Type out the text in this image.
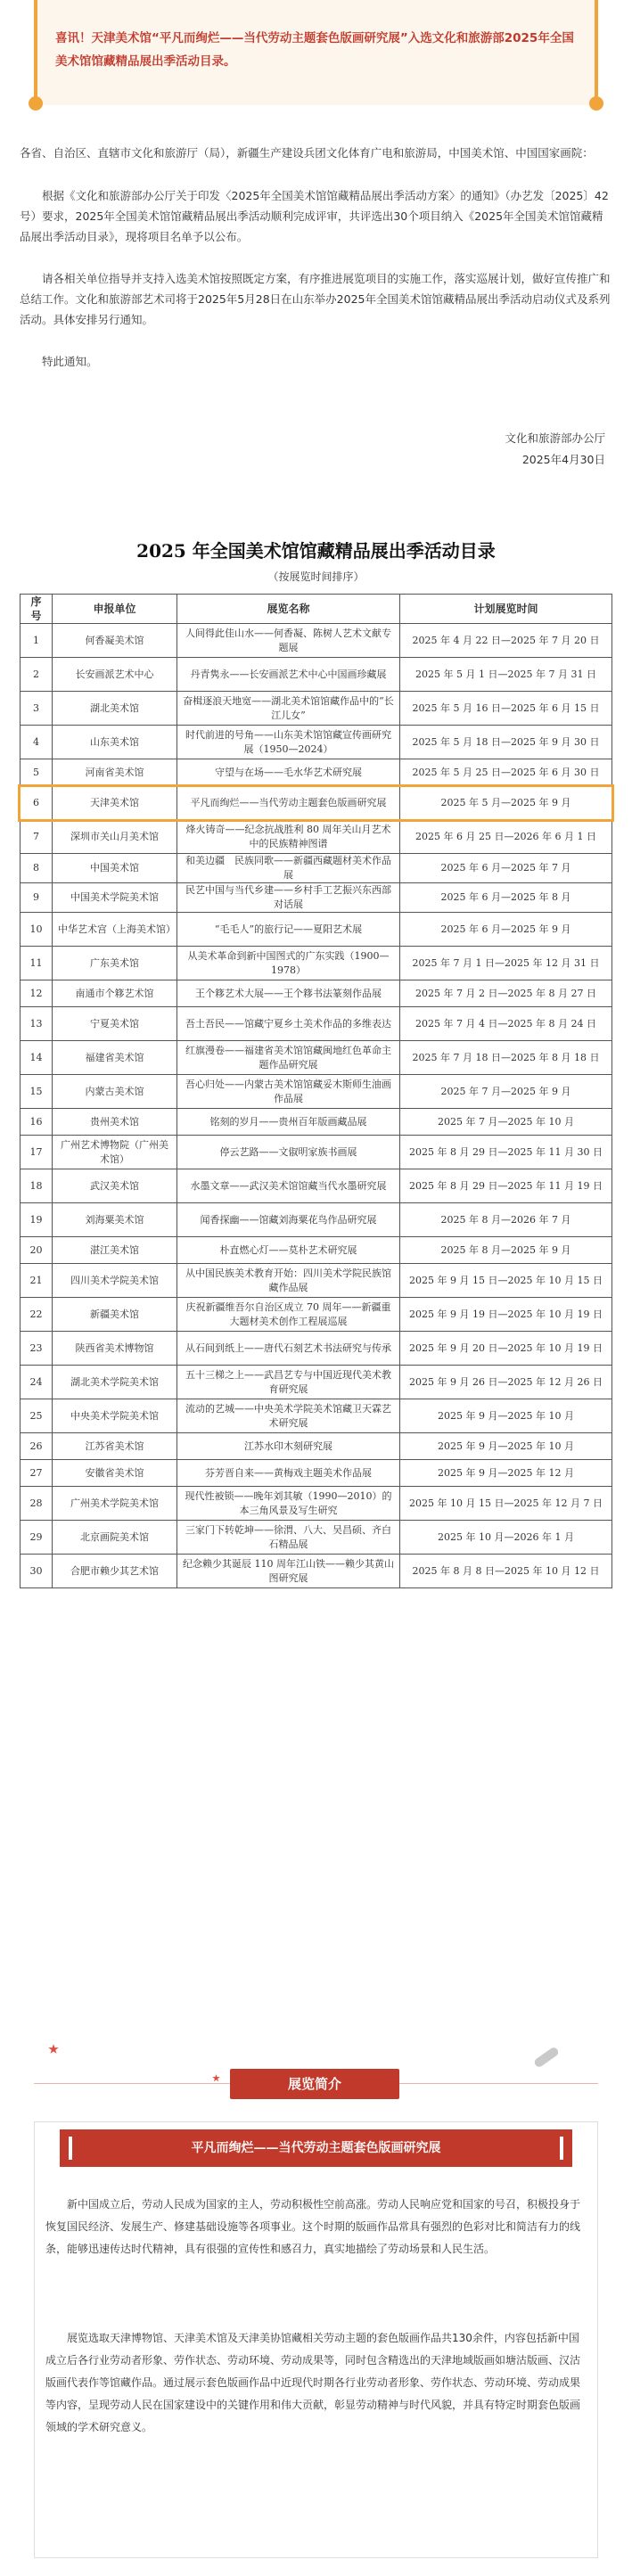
喜讯！天津美术馆“平凡而绚烂——当代劳动主题套色版画研究展”入选文化和旅游部2025年全国美术馆馆藏精品展出季活动目录。

各省、自治区、直辖市文化和旅游厅（局），新疆生产建设兵团文化体育广电和旅游局，中国美术馆、中国国家画院：

根据《文化和旅游部办公厅关于印发〈2025年全国美术馆馆藏精品展出季活动方案〉的通知》（办艺发〔2025〕42号）要求，2025年全国美术馆馆藏精品展出季活动顺利完成评审，共评选出30个项目纳入《2025年全国美术馆馆藏精品展出季活动目录》，现将项目名单予以公布。

请各相关单位指导并支持入选美术馆按照既定方案，有序推进展览项目的实施工作，落实巡展计划，做好宣传推广和总结工作。文化和旅游部艺术司将于2025年5月28日在山东举办2025年全国美术馆馆藏精品展出季活动启动仪式及系列活动。具体安排另行通知。

特此通知。

文化和旅游部办公厅
2025年4月30日
2025 年全国美术馆馆藏精品展出季活动目录
（按展览时间排序）
序号	申报单位	展览名称	计划展览时间
1	何香凝美术馆	人间得此佳山水——何香凝、陈树人艺术文献专题展	2025 年 4 月 22 日—2025 年 7 月 20 日
2	长安画派艺术中心	丹青隽永——长安画派艺术中心中国画珍藏展	2025 年 5 月 1 日—2025 年 7 月 31 日
3	湖北美术馆	奋楫逐浪天地宽——湖北美术馆馆藏作品中的“长江儿女”	2025 年 5 月 16 日—2025 年 6 月 15 日
4	山东美术馆	时代前进的号角——山东美术馆馆藏宣传画研究展（1950—2024）	2025 年 5 月 18 日—2025 年 9 月 30 日
5	河南省美术馆	守望与在场——毛水华艺术研究展	2025 年 5 月 25 日—2025 年 6 月 30 日
6	天津美术馆	平凡而绚烂——当代劳动主题套色版画研究展	2025 年 5 月—2025 年 9 月
7	深圳市关山月美术馆	烽火铸奇——纪念抗战胜利 80 周年关山月艺术中的民族精神图谱	2025 年 6 月 25 日—2026 年 6 月 1 日
8	中国美术馆	和美边疆　民族同歌——新疆西藏题材美术作品展	2025 年 6 月—2025 年 7 月
9	中国美术学院美术馆	民艺中国与当代乡建——乡村手工艺振兴东西部对话展	2025 年 6 月—2025 年 8 月
10	中华艺术宫（上海美术馆）	“毛毛人”的旅行记——夏阳艺术展	2025 年 6 月—2025 年 9 月
11	广东美术馆	从美术革命到新中国图式的广东实践（1900—1978）	2025 年 7 月 1 日—2025 年 12 月 31 日
12	南通市个簃艺术馆	王个簃艺术大展——王个簃书法篆刻作品展	2025 年 7 月 2 日—2025 年 8 月 27 日
13	宁夏美术馆	吾土吾民——馆藏宁夏乡土美术作品的多维表达	2025 年 7 月 4 日—2025 年 8 月 24 日
14	福建省美术馆	红旗漫卷——福建省美术馆馆藏闽地红色革命主题作品研究展	2025 年 7 月 18 日—2025 年 8 月 18 日
15	内蒙古美术馆	吾心归处——内蒙古美术馆馆藏妥木斯师生油画作品展	2025 年 7 月—2025 年 9 月
16	贵州美术馆	铭刻的岁月——贵州百年版画藏品展	2025 年 7 月—2025 年 10 月
17	广州艺术博物院（广州美术馆）	停云艺路——文俶明家族书画展	2025 年 8 月 29 日—2025 年 11 月 30 日
18	武汉美术馆	水墨文章——武汉美术馆馆藏当代水墨研究展	2025 年 8 月 29 日—2025 年 11 月 19 日
19	刘海粟美术馆	闻香探幽——馆藏刘海粟花鸟作品研究展	2025 年 8 月—2026 年 7 月
20	湛江美术馆	朴直燃心灯——莫朴艺术研究展	2025 年 8 月—2025 年 9 月
21	四川美术学院美术馆	从中国民族美术教育开始：四川美术学院民族馆藏作品展	2025 年 9 月 15 日—2025 年 10 月 15 日
22	新疆美术馆	庆祝新疆维吾尔自治区成立 70 周年——新疆重大题材美术创作工程展巡展	2025 年 9 月 19 日—2025 年 10 月 19 日
23	陕西省美术博物馆	从石间到纸上——唐代石刻艺术书法研究与传承	2025 年 9 月 20 日—2025 年 10 月 19 日
24	湖北美术学院美术馆	五十三梯之上——武昌艺专与中国近现代美术教育研究展	2025 年 9 月 26 日—2025 年 12 月 26 日
25	中央美术学院美术馆	流动的艺城——中央美术学院美术馆藏卫天霖艺术研究展	2025 年 9 月—2025 年 10 月
26	江苏省美术馆	江苏水印木刻研究展	2025 年 9 月—2025 年 10 月
27	安徽省美术馆	芬芳晋自来——黄梅戏主题美术作品展	2025 年 9 月—2025 年 12 月
28	广州美术学院美术馆	现代性被锁——晚年刘其敏（1990—2010）的本三角风景及写生研究	2025 年 10 月 15 日—2025 年 12 月 7 日
29	北京画院美术馆	三家门下转乾坤——徐渭、八大、吴昌硕、齐白石精品展	2025 年 10 月—2026 年 1 月
30	合肥市赖少其艺术馆	纪念赖少其诞辰 110 周年江山铁——赖少其黄山图研究展	2025 年 8 月 8 日—2025 年 10 月 12 日
展览简介
平凡而绚烂——当代劳动主题套色版画研究展
新中国成立后，劳动人民成为国家的主人，劳动积极性空前高涨。劳动人民响应党和国家的号召，积极投身于恢复国民经济、发展生产、修建基础设施等各项事业。这个时期的版画作品常具有强烈的色彩对比和简洁有力的线条，能够迅速传达时代精神，具有很强的宣传性和感召力，真实地描绘了劳动场景和人民生活。
展览选取天津博物馆、天津美术馆及天津美协馆藏相关劳动主题的套色版画作品共130余件，内容包括新中国成立后各行业劳动者形象、劳作状态、劳动环境、劳动成果等，同时包含精选出的天津地域版画如塘沽版画、汉沽版画代表作等馆藏作品。通过展示套色版画作品中近现代时期各行业劳动者形象、劳作状态、劳动环境、劳动成果等内容，呈现劳动人民在国家建设中的关键作用和伟大贡献，彰显劳动精神与时代风貌，并具有特定时期套色版画领域的学术研究意义。
